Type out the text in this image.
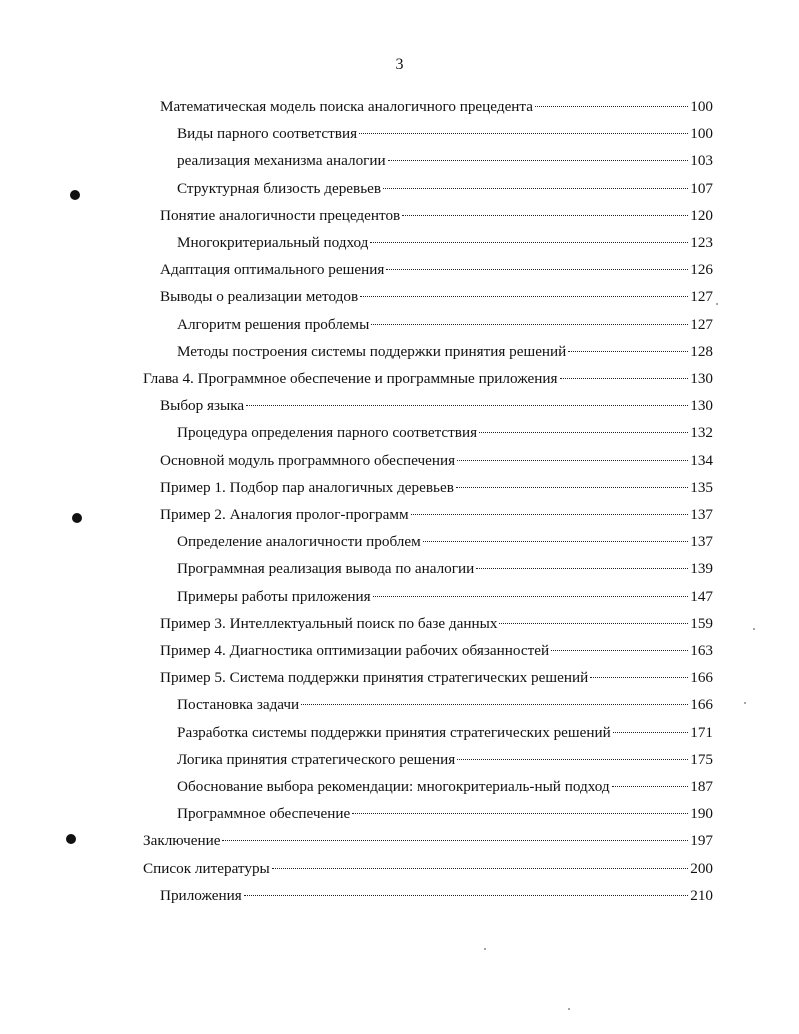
3
Математическая модель поиска аналогичного прецедента	100
Виды парного соответствия	100
реализация механизма аналогии	103
Структурная близость деревьев	107
Понятие аналогичности прецедентов	120
Многокритериальный подход	123
Адаптация оптимального решения	126
Выводы о реализации методов	127
Алгоритм решения проблемы	127
Методы построения системы поддержки принятия решений	128
Глава 4. Программное обеспечение и программные приложения	130
Выбор языка	130
Процедура определения парного соответствия	132
Основной модуль программного обеспечения	134
Пример 1. Подбор пар аналогичных деревьев	135
Пример 2. Аналогия пролог-программ	137
Определение аналогичности проблем	137
Программная реализация вывода по аналогии	139
Примеры работы приложения	147
Пример 3. Интеллектуальный поиск по базе данных	159
Пример 4. Диагностика оптимизации рабочих обязанностей	163
Пример 5. Система поддержки принятия стратегических решений	166
Постановка задачи	166
Разработка системы поддержки принятия стратегических решений	171
Логика принятия стратегического решения	175
Обоснование выбора рекомендации: многокритериаль-ный подход	187
Программное обеспечение	190
Заключение	197
Список литературы	200
Приложения	210
